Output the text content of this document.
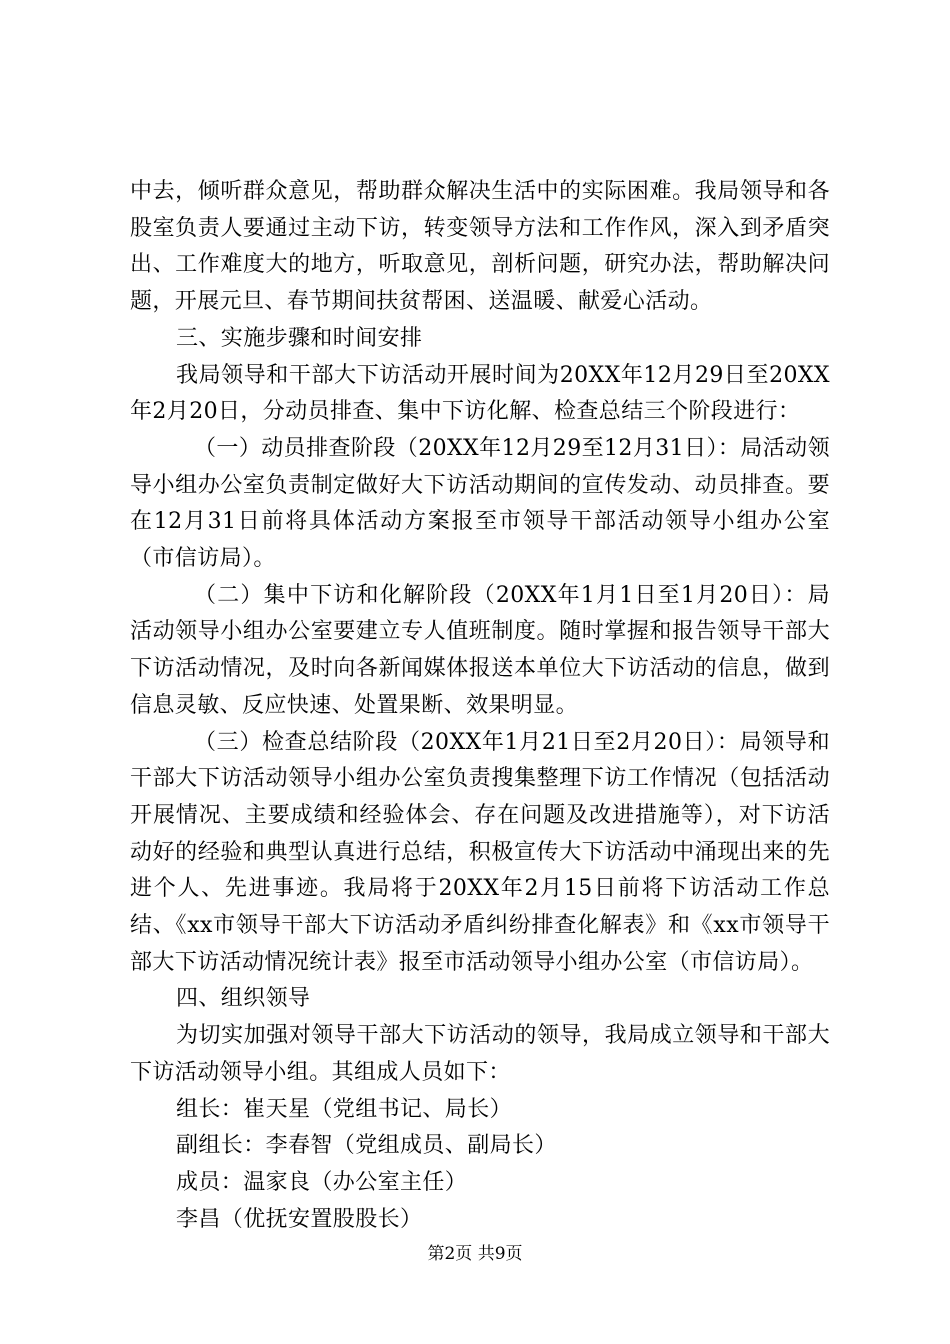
中去，倾听群众意见，帮助群众解决生活中的实际困难。我局领导和各股室负责人要通过主动下访，转变领导方法和工作作风，深入到矛盾突出、工作难度大的地方，听取意见，剖析问题，研究办法，帮助解决问题，开展元旦、春节期间扶贫帮困、送温暖、献爱心活动。

三、实施步骤和时间安排

我局领导和干部大下访活动开展时间为20XX年12月29日至20XX年2月20日，分动员排查、集中下访化解、检查总结三个阶段进行：

（一）动员排查阶段（20XX年12月29至12月31日）：局活动领导小组办公室负责制定做好大下访活动期间的宣传发动、动员排查。要在12月31日前将具体活动方案报至市领导干部活动领导小组办公室（市信访局）。

（二）集中下访和化解阶段（20XX年1月1日至1月20日）：局活动领导小组办公室要建立专人值班制度。随时掌握和报告领导干部大下访活动情况，及时向各新闻媒体报送本单位大下访活动的信息，做到信息灵敏、反应快速、处置果断、效果明显。

（三）检查总结阶段（20XX年1月21日至2月20日）：局领导和干部大下访活动领导小组办公室负责搜集整理下访工作情况（包括活动开展情况、主要成绩和经验体会、存在问题及改进措施等），对下访活动好的经验和典型认真进行总结，积极宣传大下访活动中涌现出来的先进个人、先进事迹。我局将于20XX年2月15日前将下访活动工作总结、《xx市领导干部大下访活动矛盾纠纷排查化解表》和《xx市领导干部大下访活动情况统计表》报至市活动领导小组办公室（市信访局）。

四、组织领导

为切实加强对领导干部大下访活动的领导，我局成立领导和干部大下访活动领导小组。其组成人员如下：

组长：崔天星（党组书记、局长）

副组长：李春智（党组成员、副局长）

成员：温家良（办公室主任）

李昌（优抚安置股股长）

第2页 共9页
